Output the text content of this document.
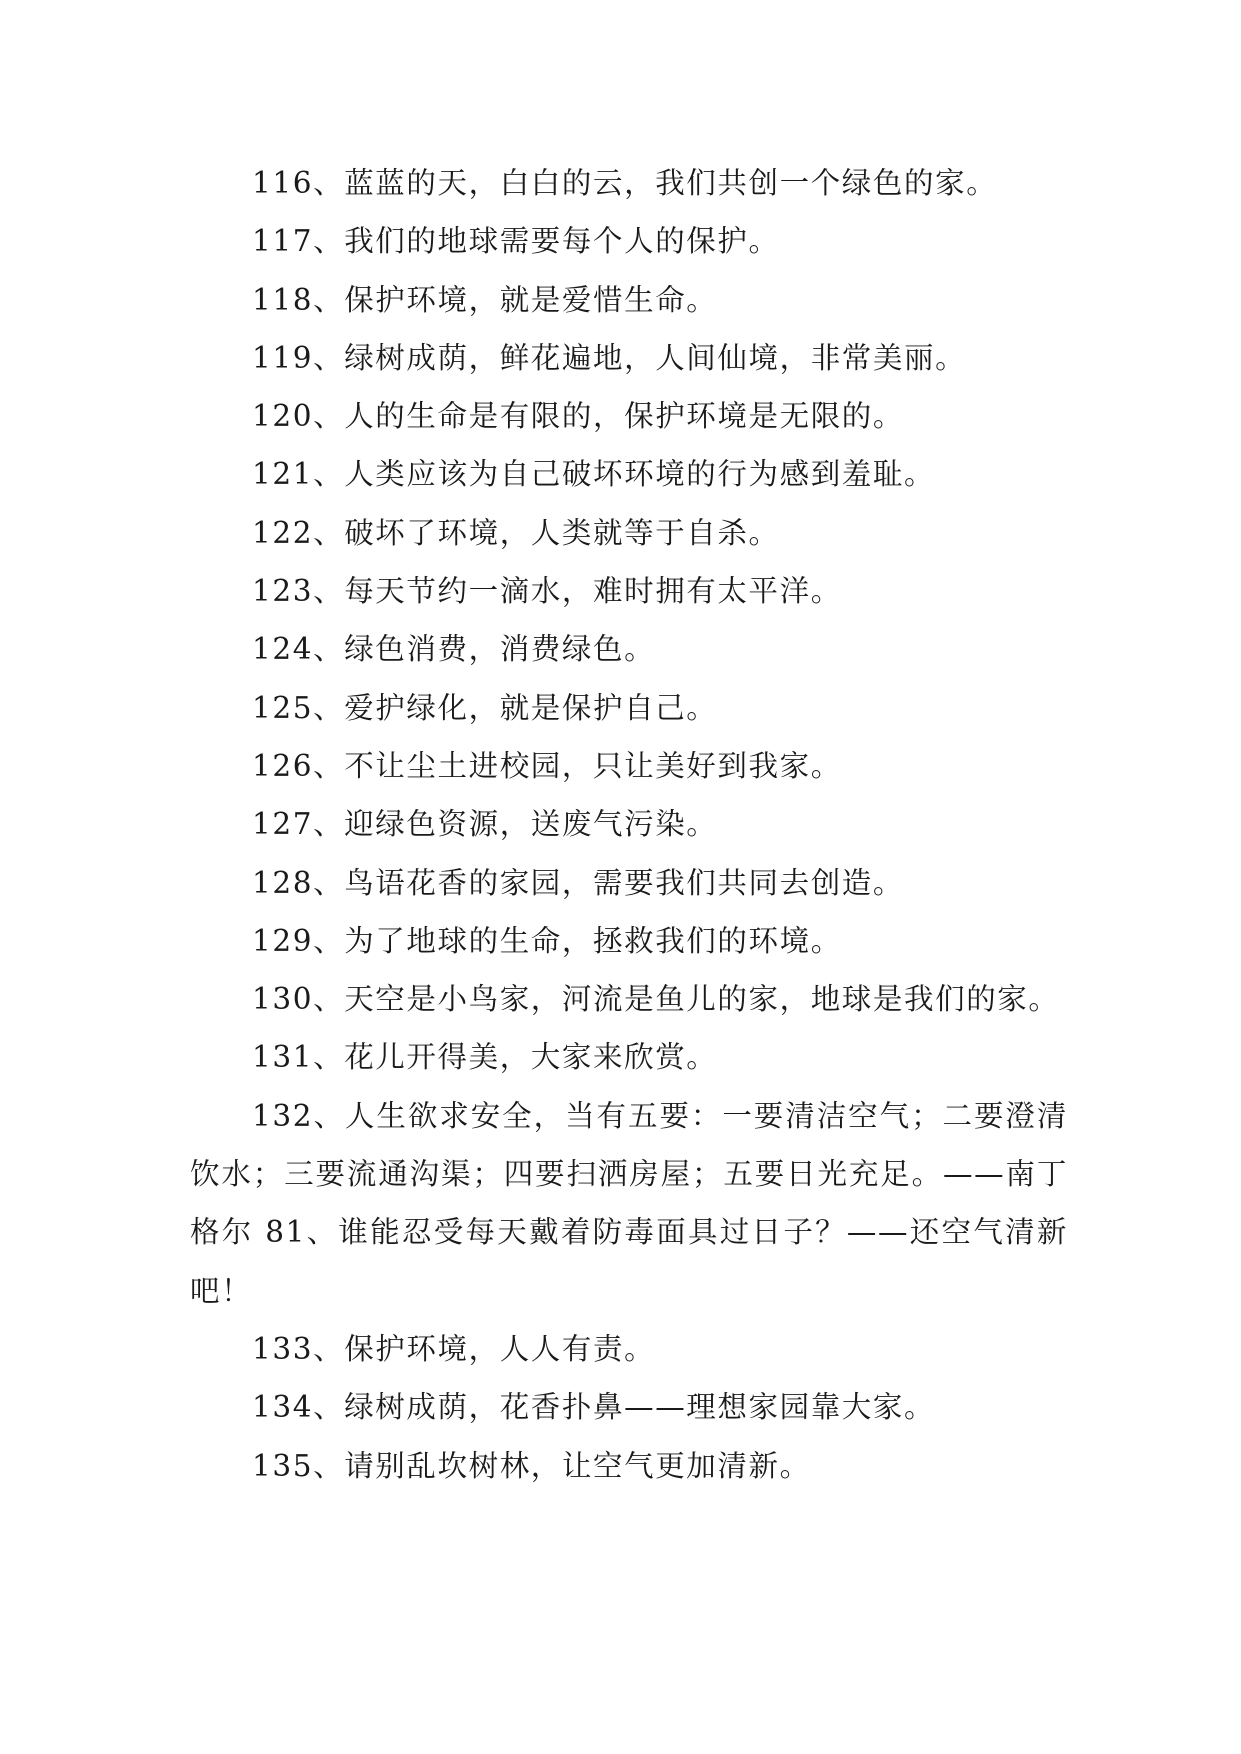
116、蓝蓝的天，白白的云，我们共创一个绿色的家。

117、我们的地球需要每个人的保护。

118、保护环境，就是爱惜生命。

119、绿树成荫，鲜花遍地，人间仙境，非常美丽。

120、人的生命是有限的，保护环境是无限的。

121、人类应该为自己破坏环境的行为感到羞耻。

122、破坏了环境，人类就等于自杀。

123、每天节约一滴水，难时拥有太平洋。

124、绿色消费，消费绿色。

125、爱护绿化，就是保护自己。

126、不让尘土进校园，只让美好到我家。

127、迎绿色资源，送废气污染。

128、鸟语花香的家园，需要我们共同去创造。

129、为了地球的生命，拯救我们的环境。

130、天空是小鸟家，河流是鱼儿的家，地球是我们的家。

131、花儿开得美，大家来欣赏。

132、人生欲求安全，当有五要：一要清洁空气；二要澄清饮水；三要流通沟渠；四要扫洒房屋；五要日光充足。——南丁格尔 81、谁能忍受每天戴着防毒面具过日子？——还空气清新吧！

133、保护环境，人人有责。

134、绿树成荫，花香扑鼻——理想家园靠大家。

135、请别乱坎树林，让空气更加清新。
